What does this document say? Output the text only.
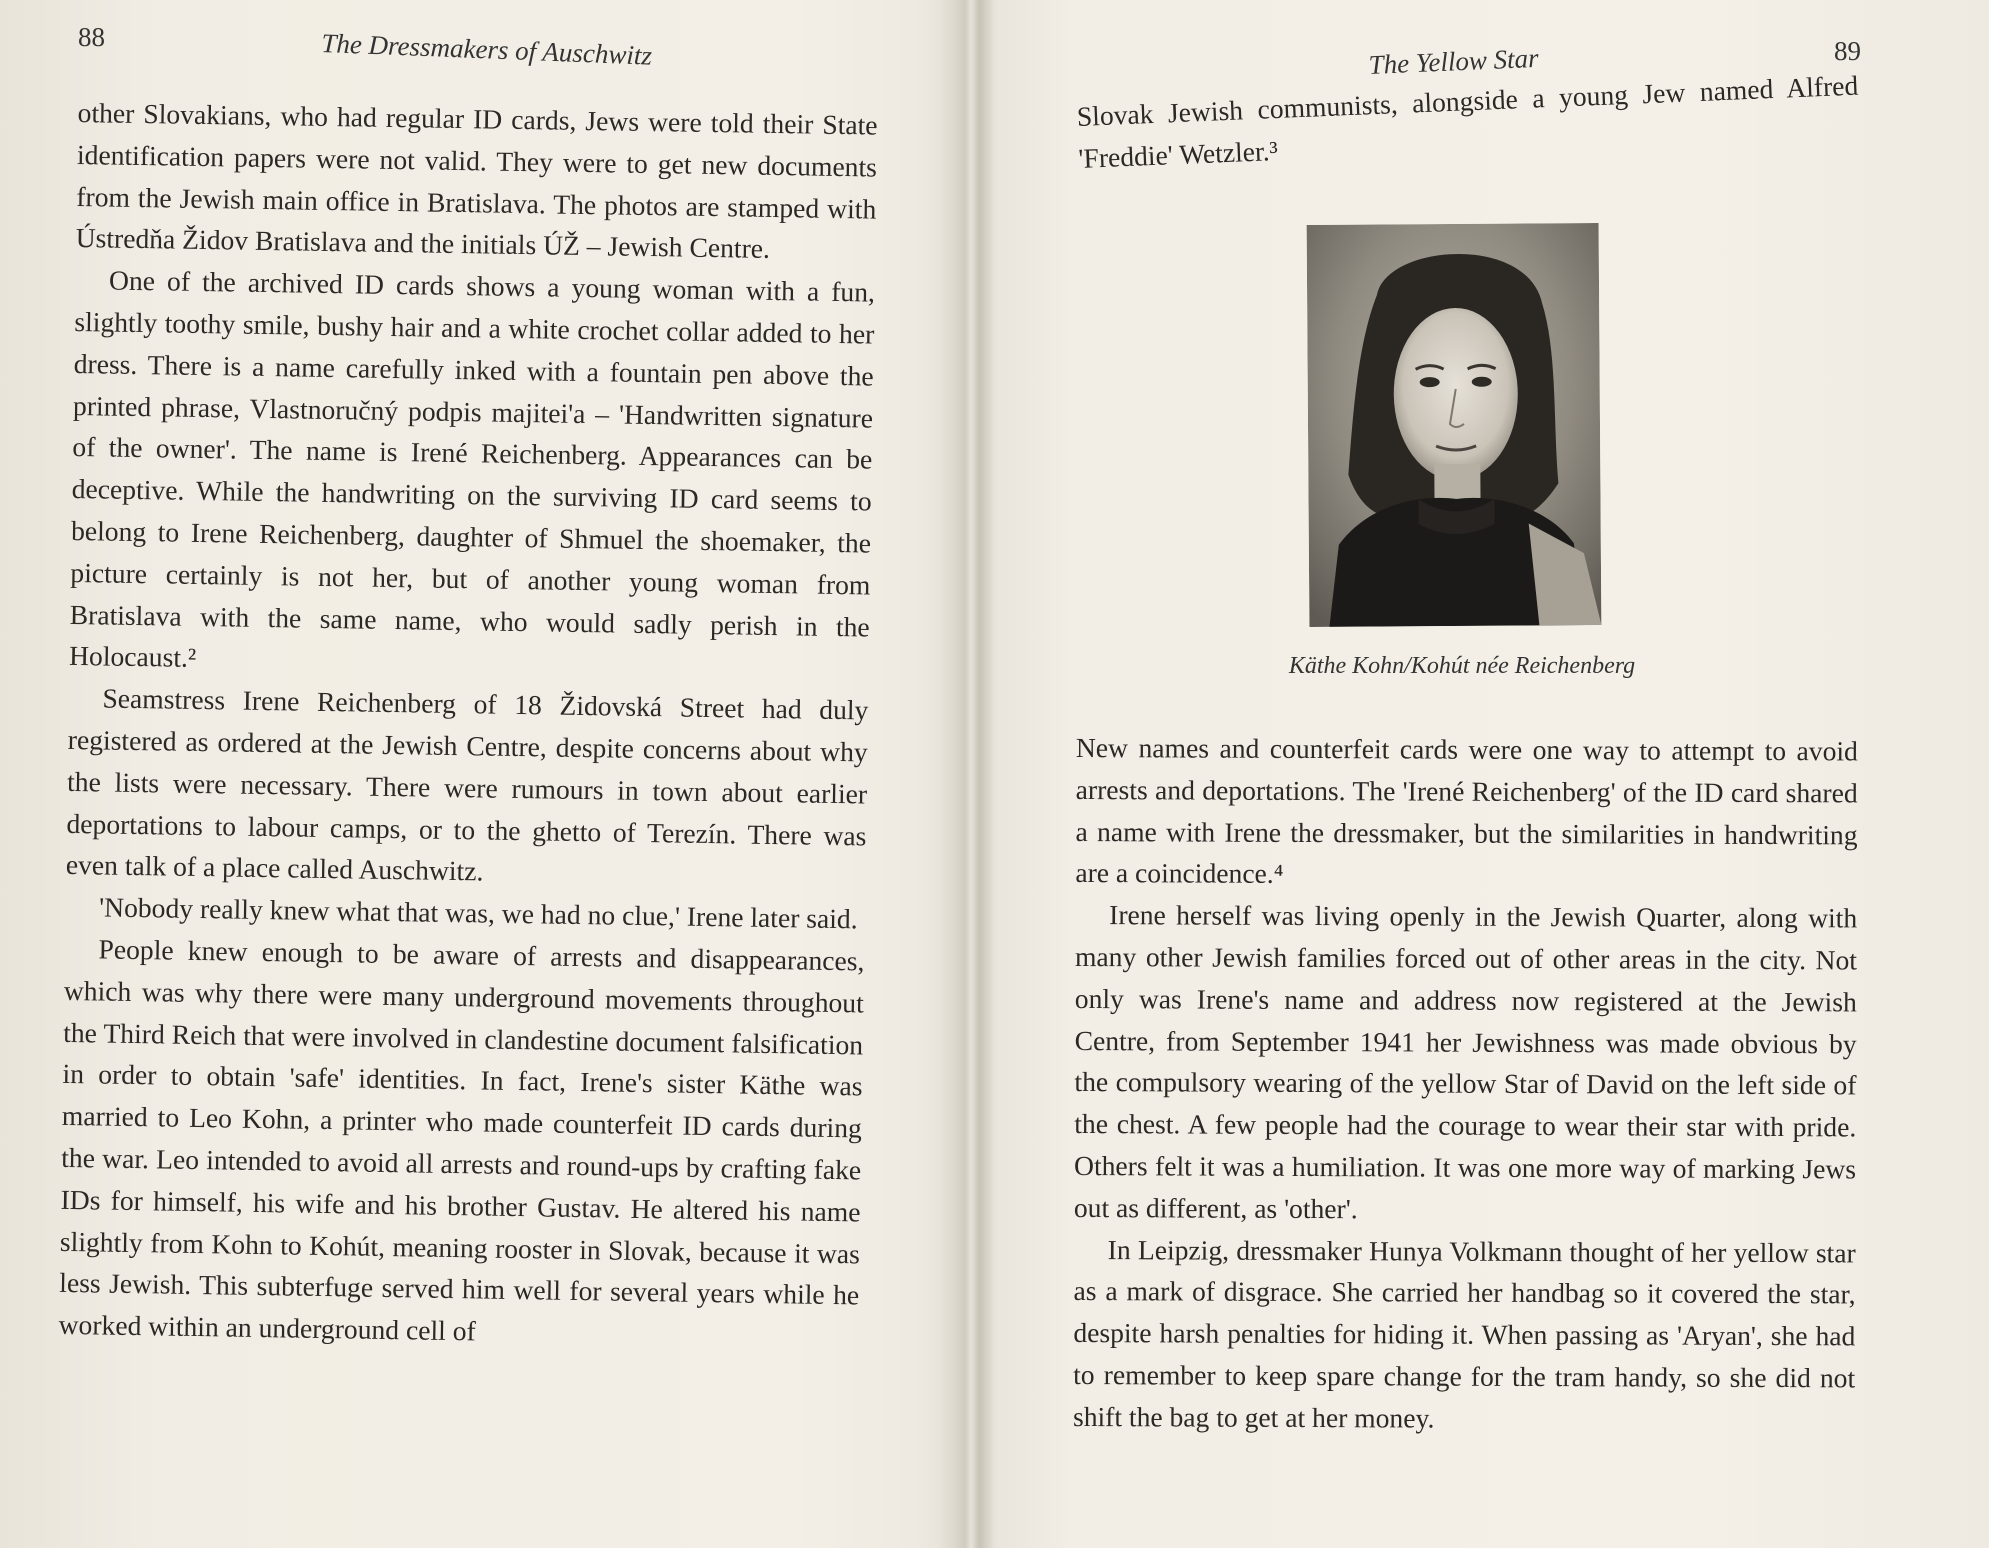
88	The Dressmakers of Auschwitz

other Slovakians, who had regular ID cards, Jews were told their State identification papers were not valid. They were to get new documents from the Jewish main office in Bratislava. The photos are stamped with Ústredňa Židov Bratislava and the initials ÚŽ – Jewish Centre.

One of the archived ID cards shows a young woman with a fun, slightly toothy smile, bushy hair and a white crochet collar added to her dress. There is a name carefully inked with a fountain pen above the printed phrase, Vlastnoručný podpis majitei'a – 'Handwritten signature of the owner'. The name is Irené Reichenberg. Appearances can be deceptive. While the handwriting on the surviving ID card seems to belong to Irene Reichenberg, daughter of Shmuel the shoemaker, the picture certainly is not her, but of another young woman from Bratislava with the same name, who would sadly perish in the Holocaust.²

Seamstress Irene Reichenberg of 18 Židovská Street had duly registered as ordered at the Jewish Centre, despite concerns about why the lists were necessary. There were rumours in town about earlier deportations to labour camps, or to the ghetto of Terezín. There was even talk of a place called Auschwitz.

'Nobody really knew what that was, we had no clue,' Irene later said.

People knew enough to be aware of arrests and disappearances, which was why there were many underground movements throughout the Third Reich that were involved in clandestine document falsification in order to obtain 'safe' identities. In fact, Irene's sister Käthe was married to Leo Kohn, a printer who made counterfeit ID cards during the war. Leo intended to avoid all arrests and round-ups by crafting fake IDs for himself, his wife and his brother Gustav. He altered his name slightly from Kohn to Kohút, meaning rooster in Slovak, because it was less Jewish. This subterfuge served him well for several years while he worked within an underground cell of

89
The Yellow Star

Slovak Jewish communists, alongside a young Jew named Alfred 'Freddie' Wetzler.³

Käthe Kohn/Kohút née Reichenberg

New names and counterfeit cards were one way to attempt to avoid arrests and deportations. The 'Irené Reichenberg' of the ID card shared a name with Irene the dressmaker, but the similarities in handwriting are a coincidence.⁴

Irene herself was living openly in the Jewish Quarter, along with many other Jewish families forced out of other areas in the city. Not only was Irene's name and address now registered at the Jewish Centre, from September 1941 her Jewishness was made obvious by the compulsory wearing of the yellow Star of David on the left side of the chest. A few people had the courage to wear their star with pride. Others felt it was a humiliation. It was one more way of marking Jews out as different, as 'other'.

In Leipzig, dressmaker Hunya Volkmann thought of her yellow star as a mark of disgrace. She carried her handbag so it covered the star, despite harsh penalties for hiding it. When passing as 'Aryan', she had to remember to keep spare change for the tram handy, so she did not shift the bag to get at her money.
